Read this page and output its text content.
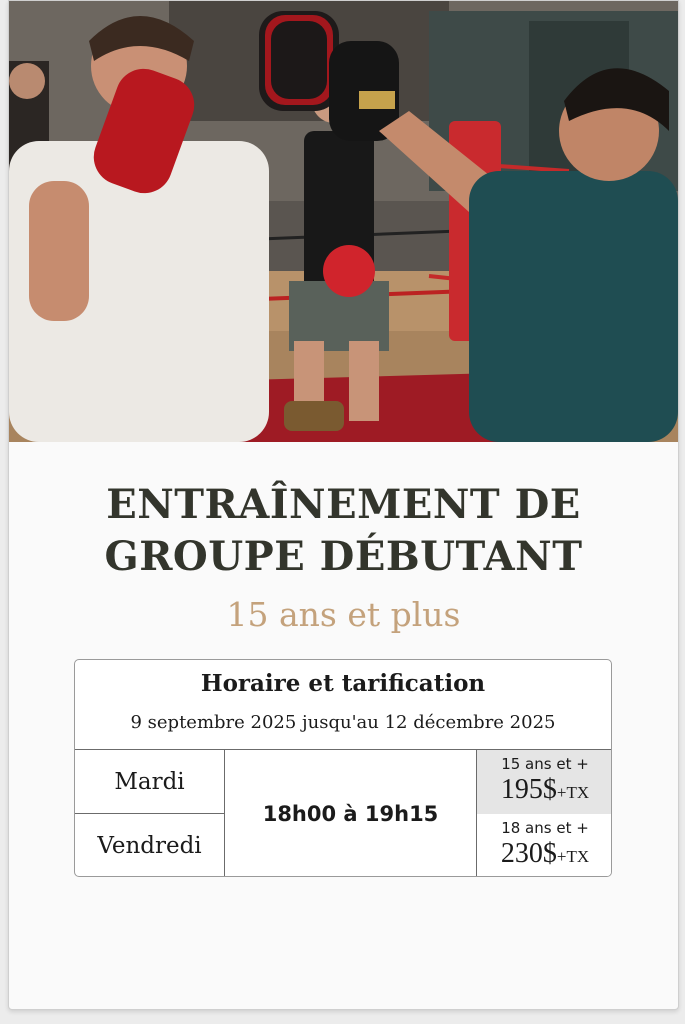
ENTRAÎNEMENT DE
GROUPE DÉBUTANT
15 ans et plus
Horaire et tarification
9 septembre 2025 jusqu'au 12 décembre 2025
Mardi
Vendredi
18h00 à 19h15
15 ans et +
195$+TX
18 ans et +
230$+TX
